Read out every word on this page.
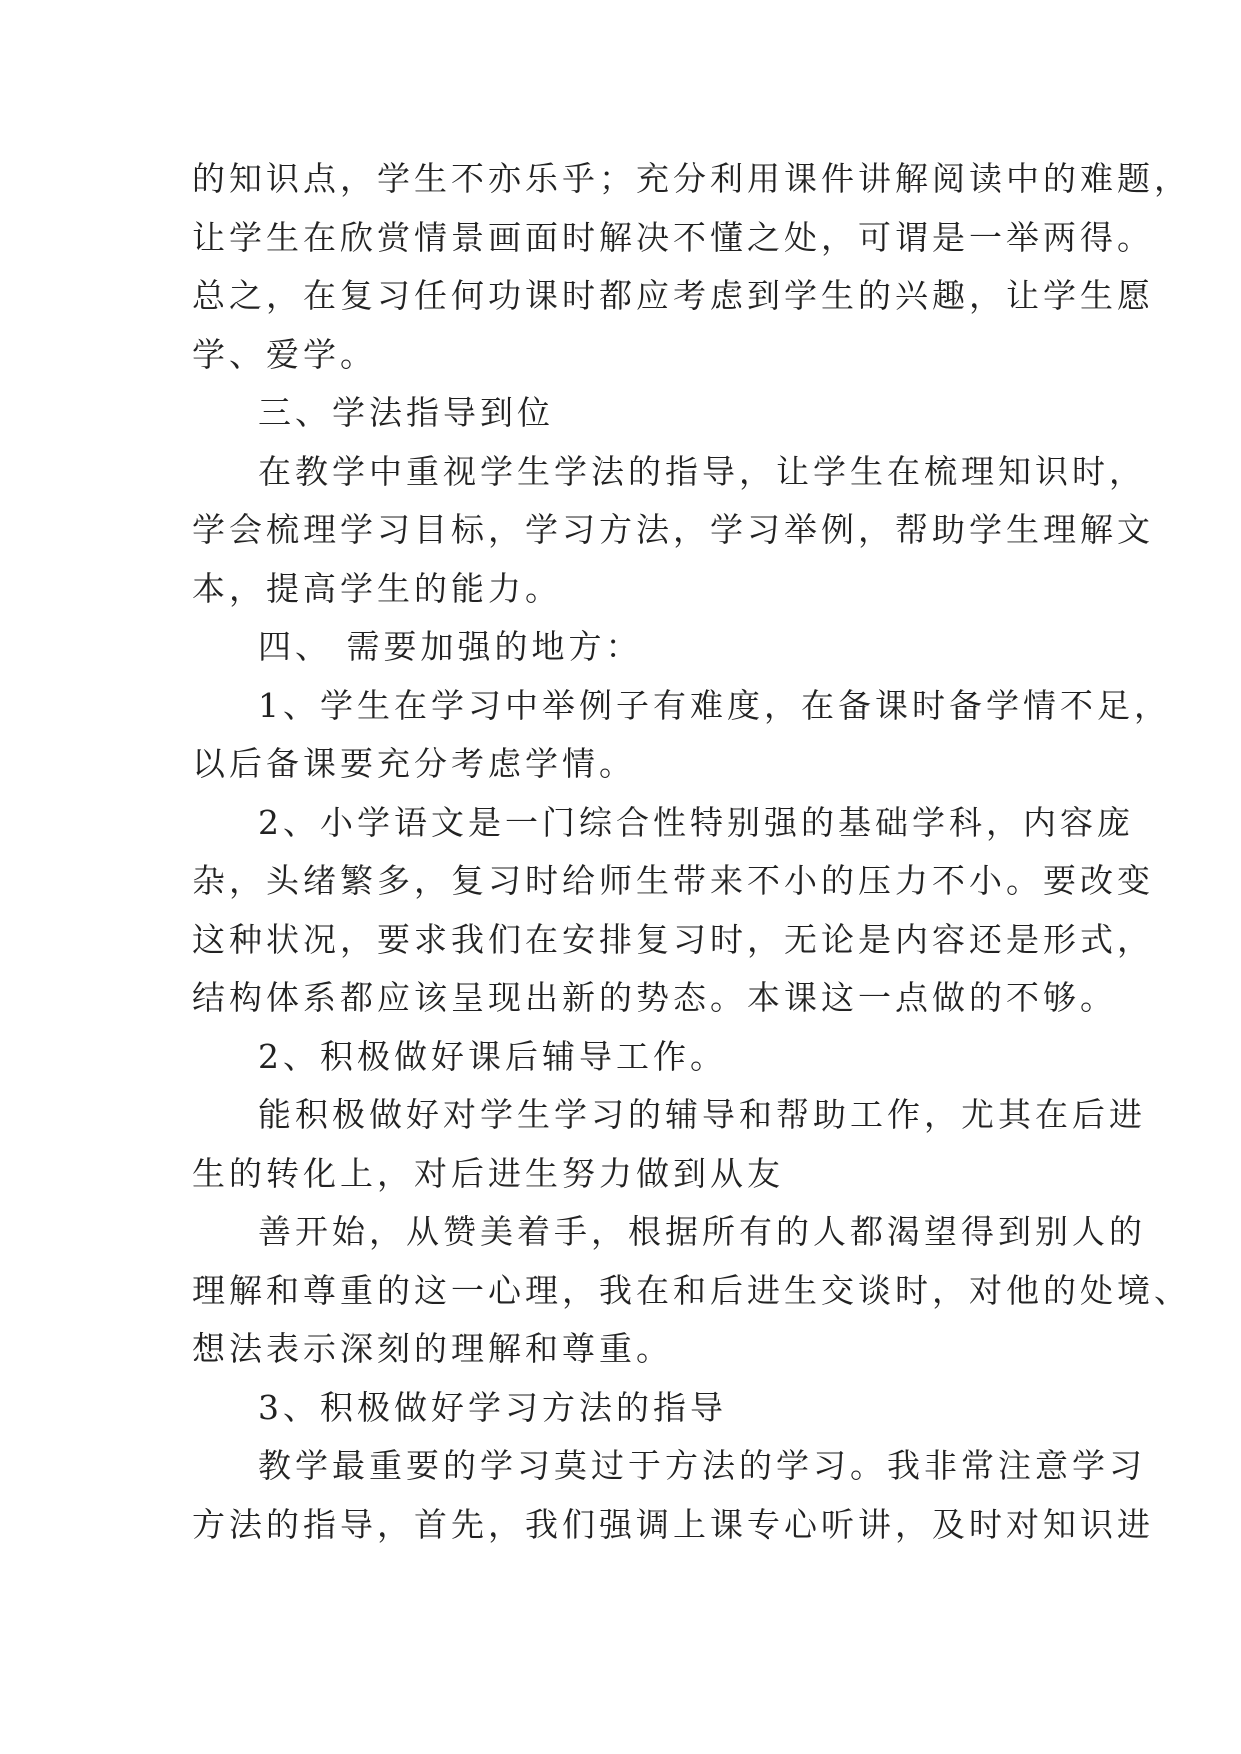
的知识点，学生不亦乐乎；充分利用课件讲解阅读中的难题，
让学生在欣赏情景画面时解决不懂之处，可谓是一举两得。
总之，在复习任何功课时都应考虑到学生的兴趣，让学生愿
学、爱学。
三、学法指导到位
在教学中重视学生学法的指导，让学生在梳理知识时，
学会梳理学习目标，学习方法，学习举例，帮助学生理解文
本，提高学生的能力。
四、 需要加强的地方：
1、学生在学习中举例子有难度，在备课时备学情不足，
以后备课要充分考虑学情。
2、小学语文是一门综合性特别强的基础学科，内容庞
杂，头绪繁多，复习时给师生带来不小的压力不小。要改变
这种状况，要求我们在安排复习时，无论是内容还是形式，
结构体系都应该呈现出新的势态。本课这一点做的不够。
2、积极做好课后辅导工作。
能积极做好对学生学习的辅导和帮助工作，尤其在后进
生的转化上，对后进生努力做到从友
善开始，从赞美着手，根据所有的人都渴望得到别人的
理解和尊重的这一心理，我在和后进生交谈时，对他的处境、
想法表示深刻的理解和尊重。
3、积极做好学习方法的指导
教学最重要的学习莫过于方法的学习。我非常注意学习
方法的指导，首先，我们强调上课专心听讲，及时对知识进
